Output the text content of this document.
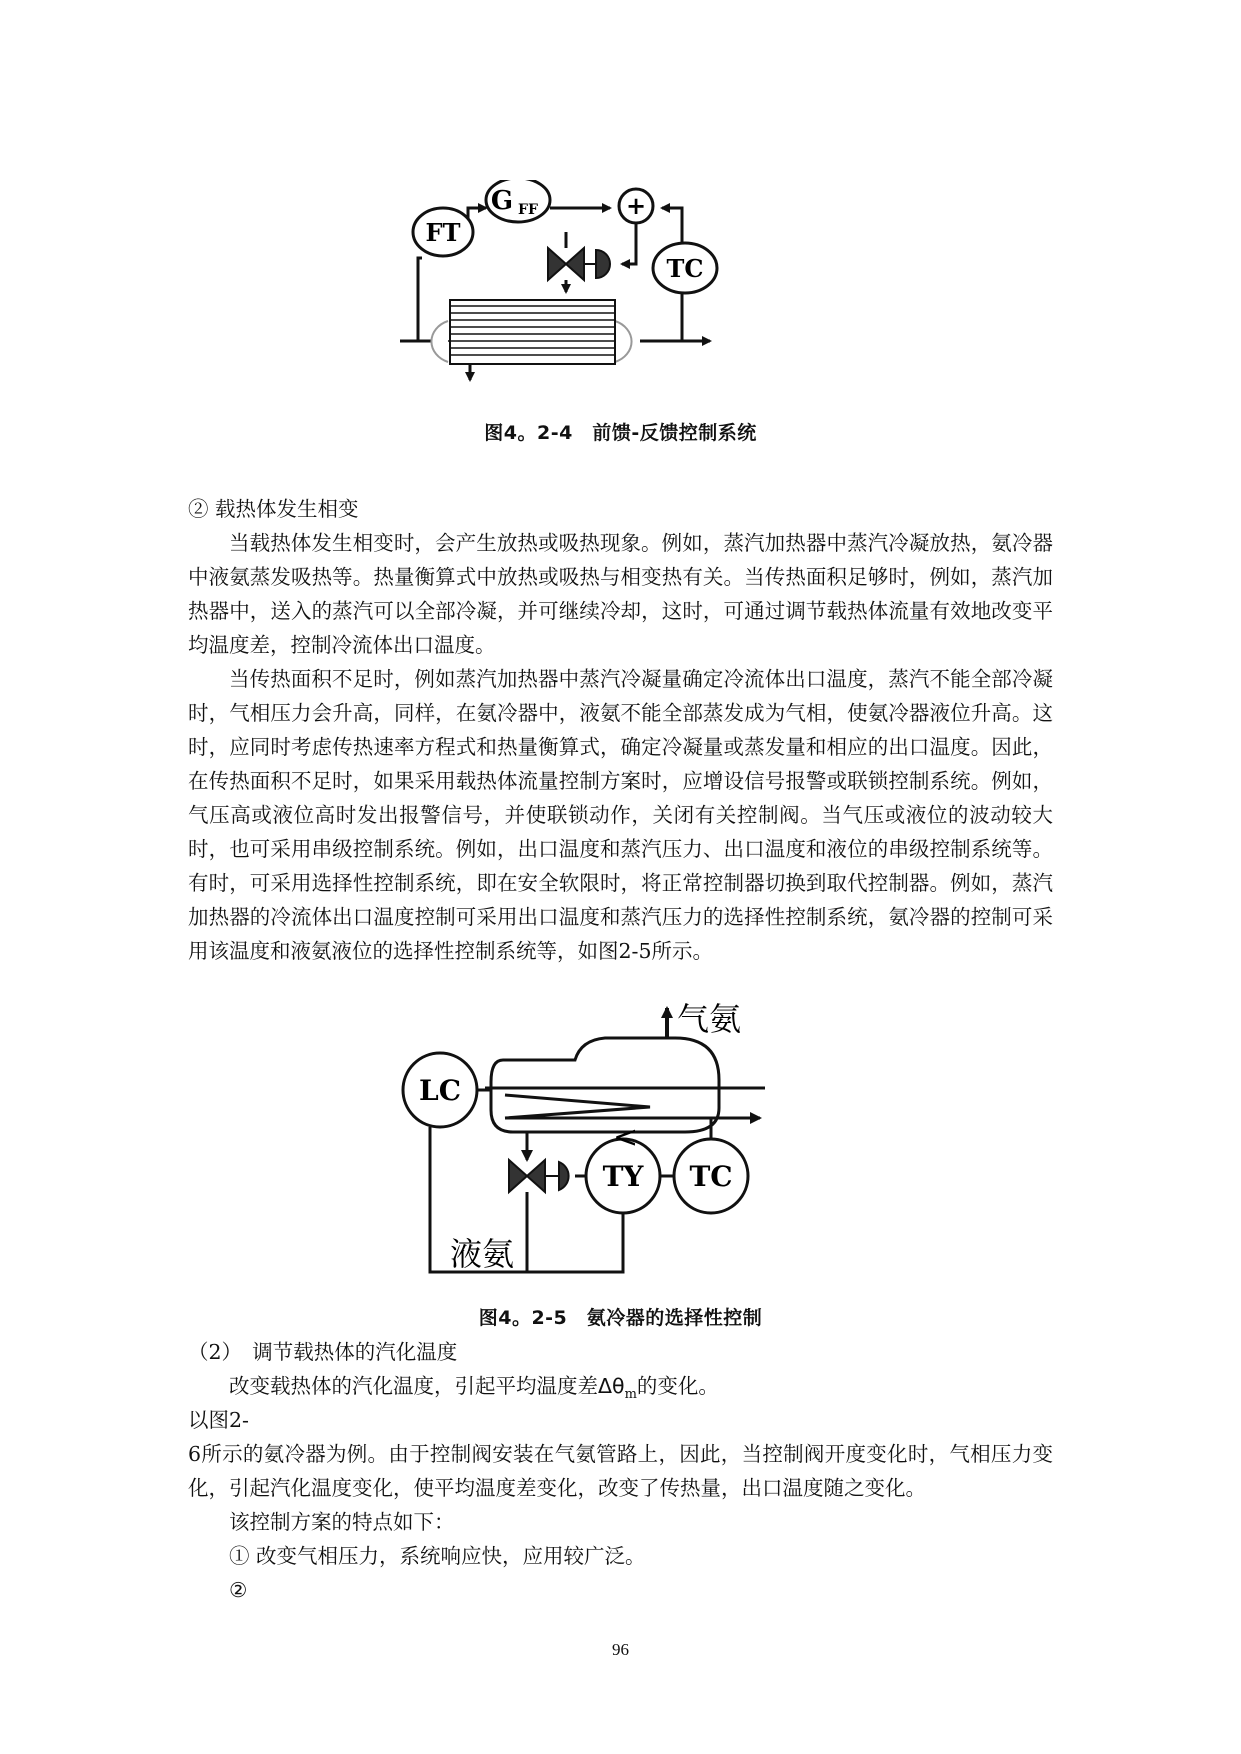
FT
G FF	+
TC
图4。2-4　前馈-反馈控制系统
② 载热体发生相变
当载热体发生相变时，会产生放热或吸热现象。例如，蒸汽加热器中蒸汽冷凝放热，氨冷器中液氨蒸发吸热等。热量衡算式中放热或吸热与相变热有关。当传热面积足够时，例如，蒸汽加热器中，送入的蒸汽可以全部冷凝，并可继续冷却，这时，可通过调节载热体流量有效地改变平均温度差，控制冷流体出口温度。
当传热面积不足时，例如蒸汽加热器中蒸汽冷凝量确定冷流体出口温度，蒸汽不能全部冷凝时，气相压力会升高，同样，在氨冷器中，液氨不能全部蒸发成为气相，使氨冷器液位升高。这时，应同时考虑传热速率方程式和热量衡算式，确定冷凝量或蒸发量和相应的出口温度。因此，在传热面积不足时，如果采用载热体流量控制方案时，应增设信号报警或联锁控制系统。例如，气压高或液位高时发出报警信号，并使联锁动作，关闭有关控制阀。当气压或液位的波动较大时，也可采用串级控制系统。例如，出口温度和蒸汽压力、出口温度和液位的串级控制系统等。有时，可采用选择性控制系统，即在安全软限时，将正常控制器切换到取代控制器。例如，蒸汽加热器的冷流体出口温度控制可采用出口温度和蒸汽压力的选择性控制系统，氨冷器的控制可采用该温度和液氨液位的选择性控制系统等，如图2-5所示。
气氨
LC
液氨
TY
<
TC
图4。2-5　氨冷器的选择性控制
（2）　调节载热体的汽化温度
改变载热体的汽化温度，引起平均温度差$\Delta\theta_m$的变化。
以图2-
6所示的氨冷器为例。由于控制阀安装在气氨管路上，因此，当控制阀开度变化时，气相压力变化，引起汽化温度变化，使平均温度差变化，改变了传热量，出口温度随之变化。
该控制方案的特点如下：
① 改变气相压力，系统响应快，应用较广泛。
②
96
